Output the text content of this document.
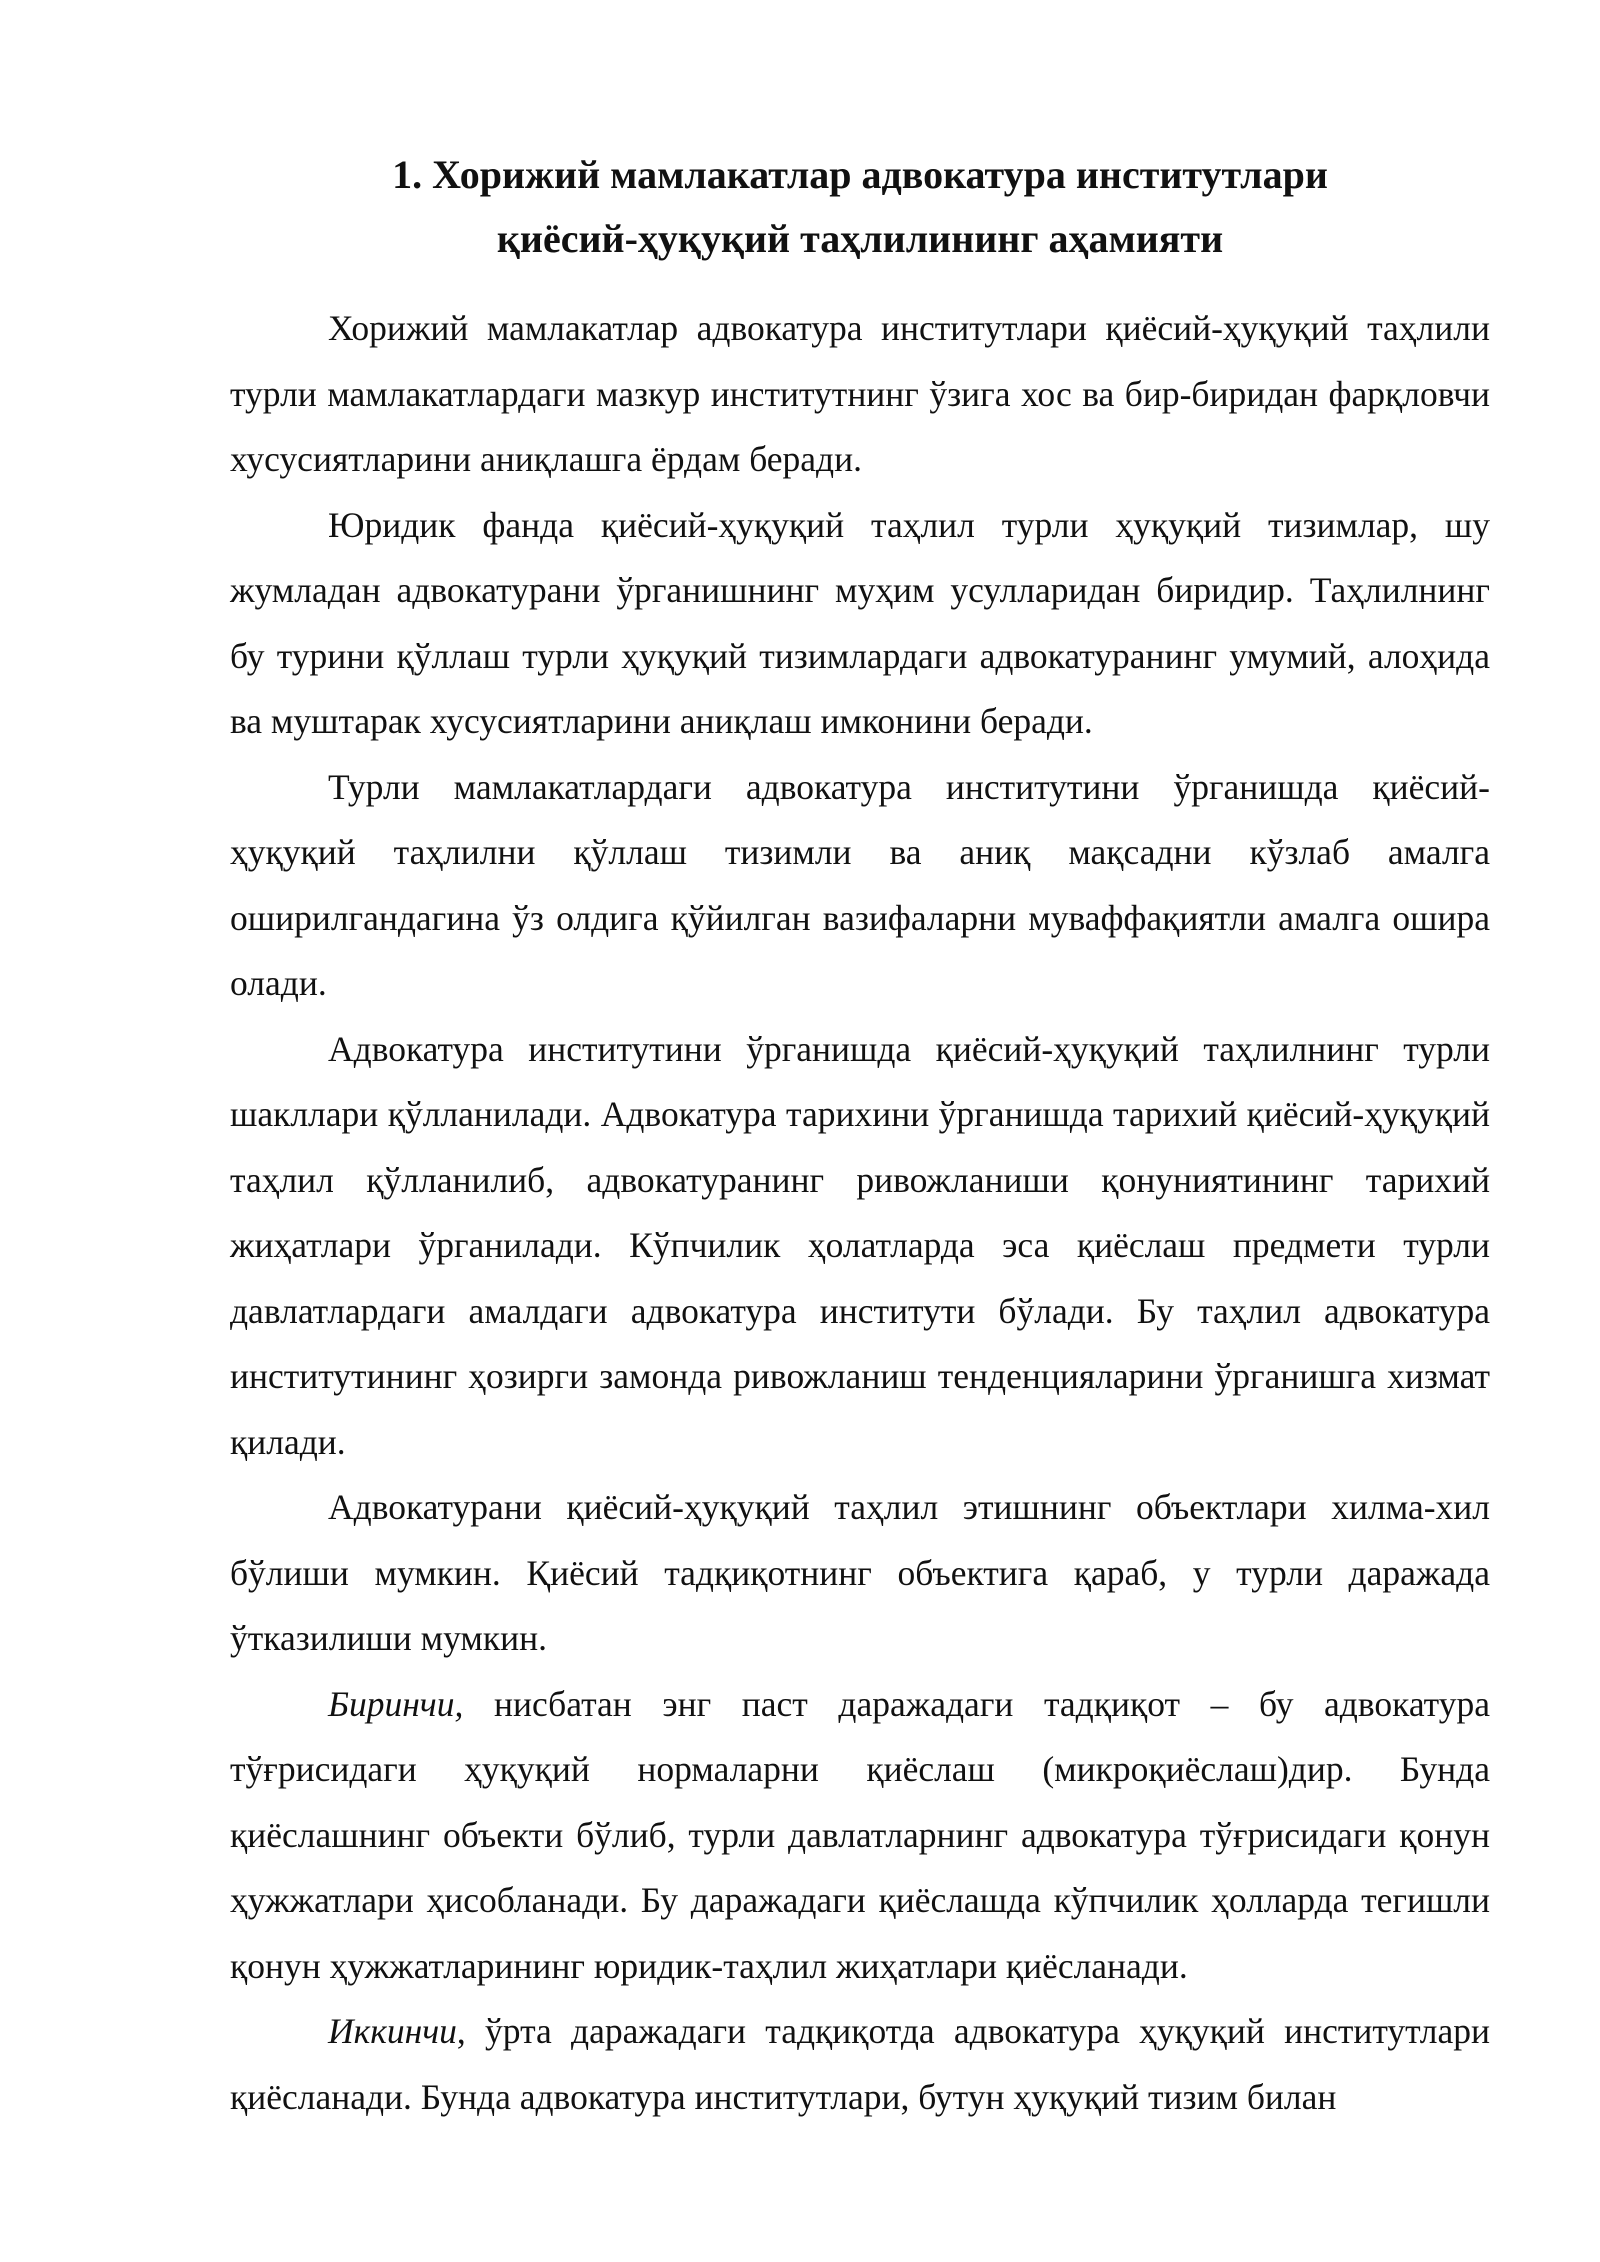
1. Хорижий мамлакатлар адвокатура институтлари
қиёсий-ҳуқуқий таҳлилининг аҳамияти

Хорижий мамлакатлар адвокатура институтлари қиёсий-ҳуқуқий таҳлили турли мамлакатлардаги мазкур институтнинг ўзига хос ва бир-биридан фарқловчи хусусиятларини аниқлашга ёрдам беради.

Юридик фанда қиёсий-ҳуқуқий таҳлил турли ҳуқуқий тизимлар, шу жумладан адвокатурани ўрганишнинг муҳим усулларидан биридир. Таҳлилнинг бу турини қўллаш турли ҳуқуқий тизимлардаги адвокатуранинг умумий, алоҳида ва муштарак хусусиятларини аниқлаш имконини беради.

Турли мамлакатлардаги адвокатура институтини ўрганишда қиёсий-ҳуқуқий таҳлилни қўллаш тизимли ва аниқ мақсадни кўзлаб амалга оширилгандагина ўз олдига қўйилган вазифаларни муваффақиятли амалга ошира олади.

Адвокатура институтини ўрганишда қиёсий-ҳуқуқий таҳлилнинг турли шакллари қўлланилади. Адвокатура тарихини ўрганишда тарихий қиёсий-ҳуқуқий таҳлил қўлланилиб, адвокатуранинг ривожланиши қонуниятининг тарихий жиҳатлари ўрганилади. Кўпчилик ҳолатларда эса қиёслаш предмети турли давлатлардаги амалдаги адвокатура институти бўлади. Бу таҳлил адвокатура институтининг ҳозирги замонда ривожланиш тенденцияларини ўрганишга хизмат қилади.

Адвокатурани қиёсий-ҳуқуқий таҳлил этишнинг объектлари хилма-хил бўлиши мумкин. Қиёсий тадқиқотнинг объектига қараб, у турли даражада ўтказилиши мумкин.

Биринчи, нисбатан энг паст даражадаги тадқиқот – бу адвокатура тўғрисидаги ҳуқуқий нормаларни қиёслаш (микроқиёслаш)дир. Бунда қиёслашнинг объекти бўлиб, турли давлатларнинг адвокатура тўғрисидаги қонун ҳужжатлари ҳисобланади. Бу даражадаги қиёслашда кўпчилик ҳолларда тегишли қонун ҳужжатларининг юридик-таҳлил жиҳатлари қиёсланади.

Иккинчи, ўрта даражадаги тадқиқотда адвокатура ҳуқуқий институтлари қиёсланади. Бунда адвокатура институтлари, бутун ҳуқуқий тизим билан
